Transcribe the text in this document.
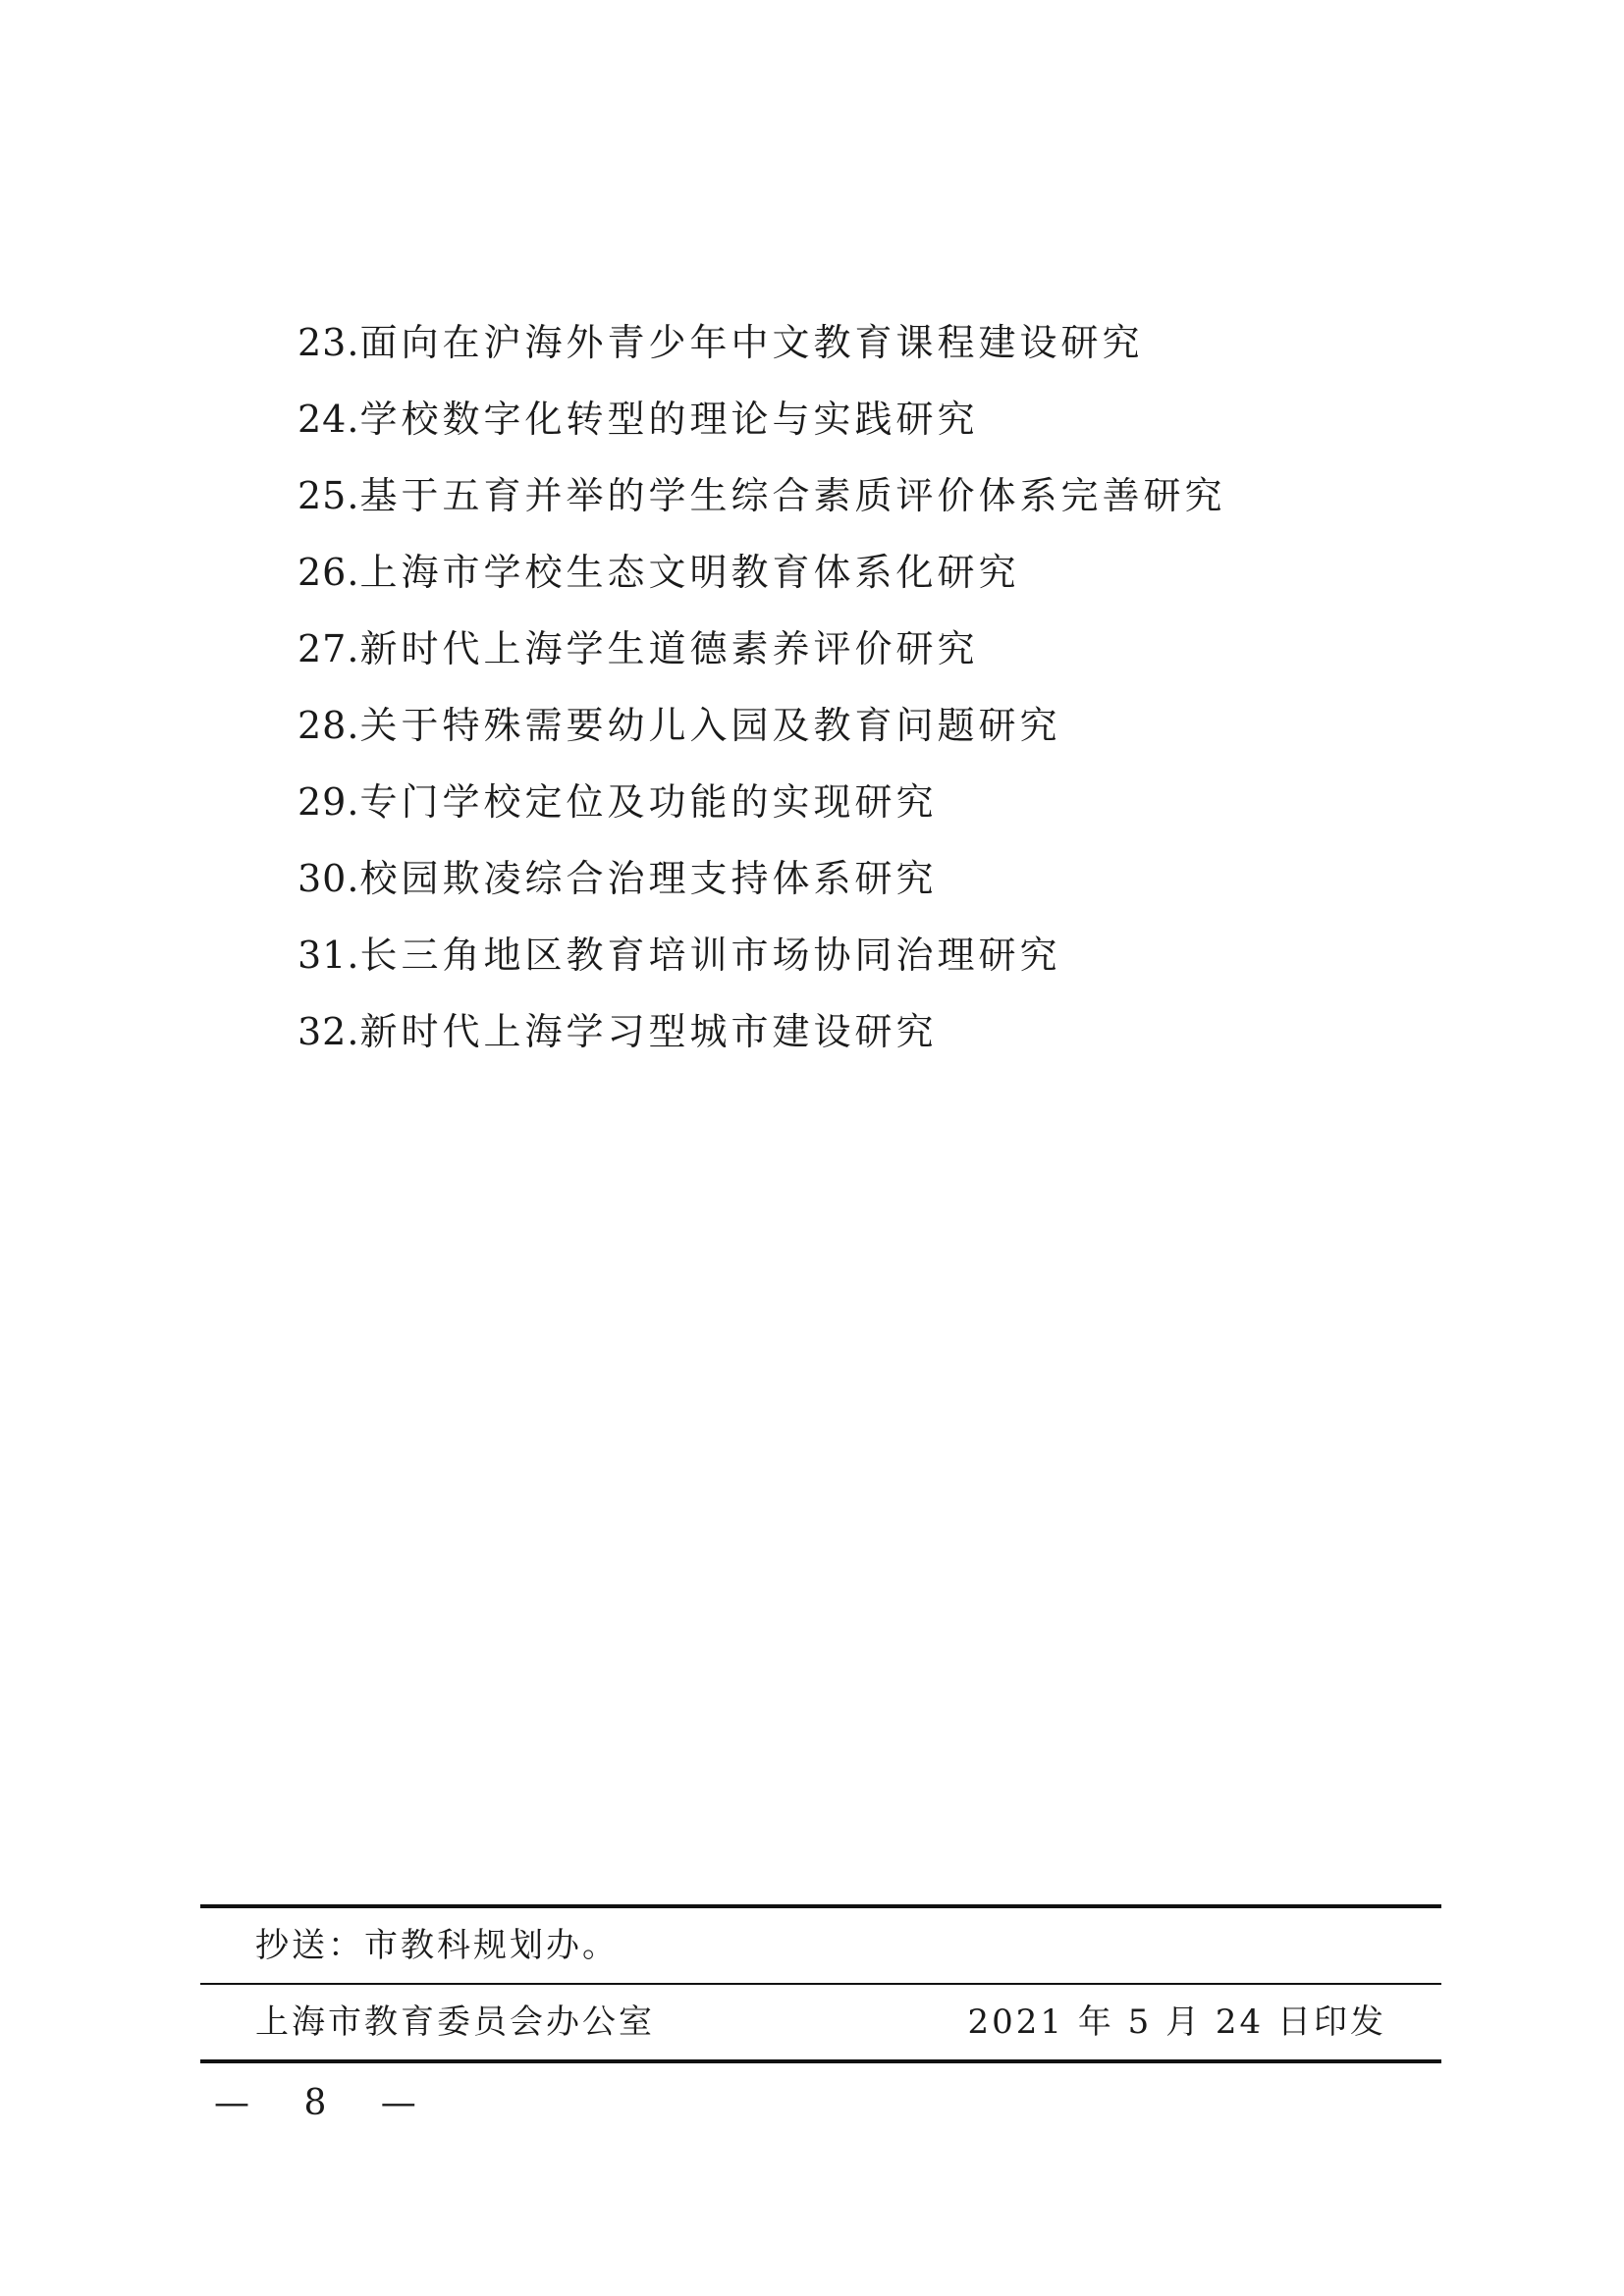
23.面向在沪海外青少年中文教育课程建设研究
24.学校数字化转型的理论与实践研究
25.基于五育并举的学生综合素质评价体系完善研究
26.上海市学校生态文明教育体系化研究
27.新时代上海学生道德素养评价研究
28.关于特殊需要幼儿入园及教育问题研究
29.专门学校定位及功能的实现研究
30.校园欺凌综合治理支持体系研究
31.长三角地区教育培训市场协同治理研究
32.新时代上海学习型城市建设研究
抄送：市教科规划办。
上海市教育委员会办公室	2021 年 5 月 24 日印发
— 8 —
